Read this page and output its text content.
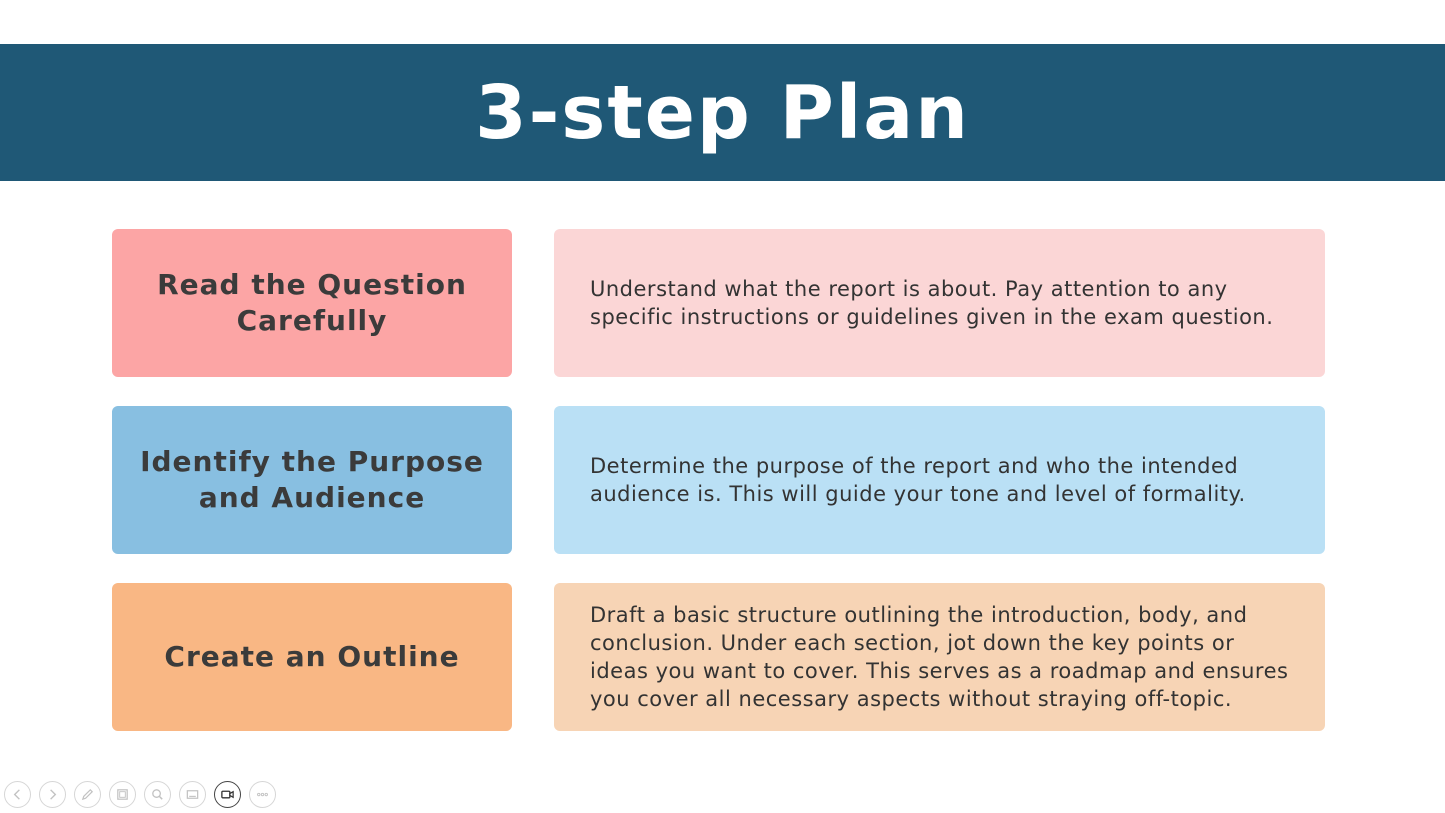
3-step Plan
Read the Question Carefully
Understand what the report is about. Pay attention to any specific instructions or guidelines given in the exam question.
Identify the Purpose and Audience
Determine the purpose of the report and who the intended audience is. This will guide your tone and level of formality.
Create an Outline
Draft a basic structure outlining the introduction, body, and conclusion. Under each section, jot down the key points or ideas you want to cover. This serves as a roadmap and ensures you cover all necessary aspects without straying off-topic.
